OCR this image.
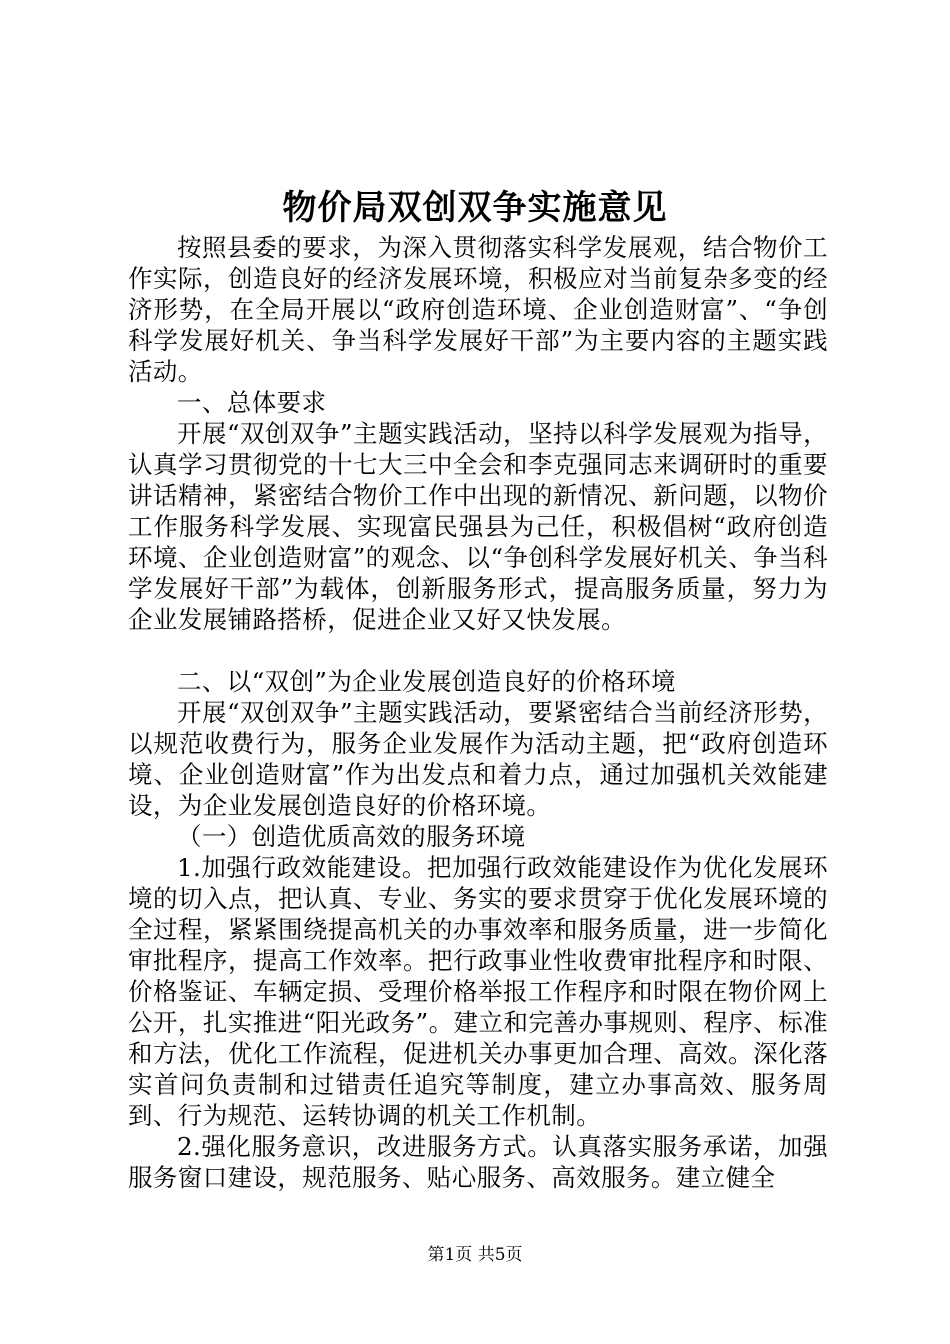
物价局双创双争实施意见

按照县委的要求，为深入贯彻落实科学发展观，结合物价工作实际，创造良好的经济发展环境，积极应对当前复杂多变的经济形势，在全局开展以“政府创造环境、企业创造财富”、“争创科学发展好机关、争当科学发展好干部”为主要内容的主题实践活动。

一、总体要求

开展“双创双争”主题实践活动，坚持以科学发展观为指导，认真学习贯彻党的十七大三中全会和李克强同志来调研时的重要讲话精神，紧密结合物价工作中出现的新情况、新问题，以物价工作服务科学发展、实现富民强县为己任，积极倡树“政府创造环境、企业创造财富”的观念、以“争创科学发展好机关、争当科学发展好干部”为载体，创新服务形式，提高服务质量，努力为企业发展铺路搭桥，促进企业又好又快发展。

二、以“双创”为企业发展创造良好的价格环境

开展“双创双争”主题实践活动，要紧密结合当前经济形势，以规范收费行为，服务企业发展作为活动主题，把“政府创造环境、企业创造财富”作为出发点和着力点，通过加强机关效能建设，为企业发展创造良好的价格环境。

（一）创造优质高效的服务环境

1.加强行政效能建设。把加强行政效能建设作为优化发展环境的切入点，把认真、专业、务实的要求贯穿于优化发展环境的全过程，紧紧围绕提高机关的办事效率和服务质量，进一步简化审批程序，提高工作效率。把行政事业性收费审批程序和时限、价格鉴证、车辆定损、受理价格举报工作程序和时限在物价网上公开，扎实推进“阳光政务”。建立和完善办事规则、程序、标准和方法，优化工作流程，促进机关办事更加合理、高效。深化落实首问负责制和过错责任追究等制度，建立办事高效、服务周到、行为规范、运转协调的机关工作机制。

2.强化服务意识，改进服务方式。认真落实服务承诺，加强服务窗口建设，规范服务、贴心服务、高效服务。建立健全

第1页 共5页
